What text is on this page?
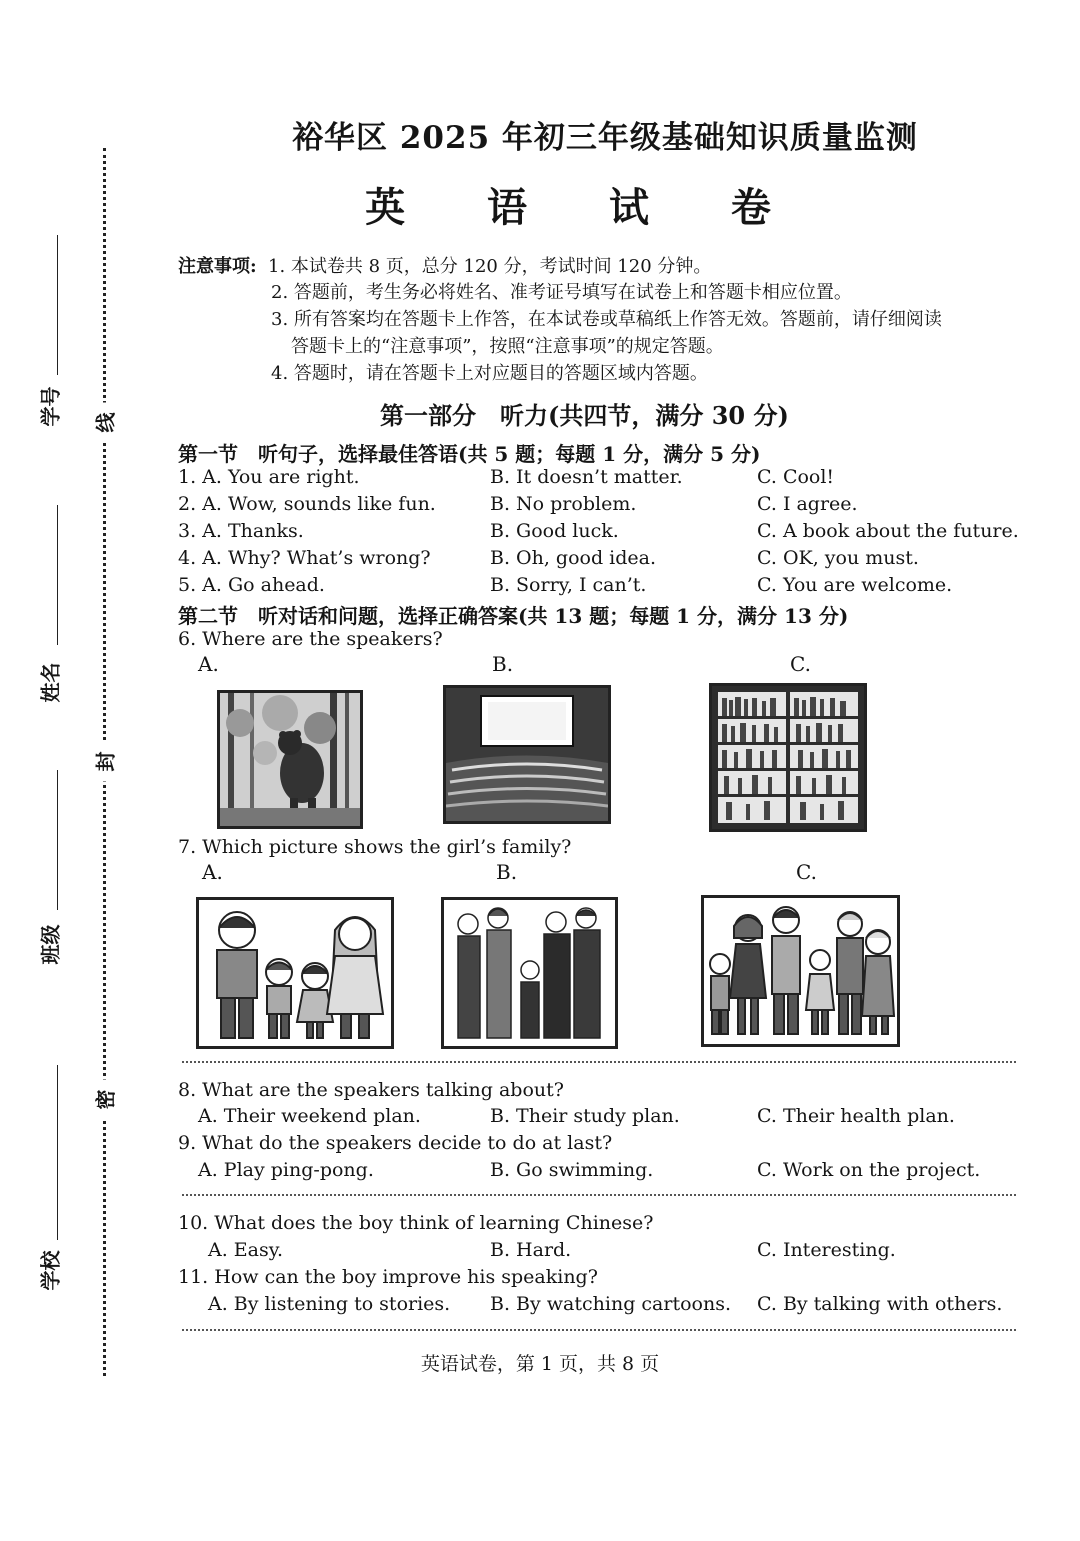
学号
姓名
班级
学校
线
封
密
裕华区 2025 年初三年级基础知识质量监测
英 语 试 卷
注意事项: 1. 本试卷共 8 页，总分 120 分，考试时间 120 分钟。
2. 答题前，考生务必将姓名、准考证号填写在试卷上和答题卡相应位置。
3. 所有答案均在答题卡上作答，在本试卷或草稿纸上作答无效。答题前，请仔细阅读
答题卡上的“注意事项”，按照“注意事项”的规定答题。
4. 答题时，请在答题卡上对应题目的答题区域内答题。
第一部分　听力(共四节，满分 30 分)
第一节　听句子，选择最佳答语(共 5 题；每题 1 分，满分 5 分)
1. A. You are right.	B. It doesn’t matter.	C. Cool!
2. A. Wow, sounds like fun.	B. No problem.	C. I agree.
3. A. Thanks.	B. Good luck.	C. A book about the future.
4. A. Why? What’s wrong?	B. Oh, good idea.	C. OK, you must.
5. A. Go ahead.	B. Sorry, I can’t.	C. You are welcome.
第二节　听对话和问题，选择正确答案(共 13 题；每题 1 分，满分 13 分)
6. Where are the speakers?
A.	B.	C.
7. Which picture shows the girl’s family?
A.	B.	C.
8. What are the speakers talking about?
A. Their weekend plan.	B. Their study plan.	C. Their health plan.
9. What do the speakers decide to do at last?
A. Play ping-pong.	B. Go swimming.	C. Work on the project.
10. What does the boy think of learning Chinese?
A. Easy.	B. Hard.	C. Interesting.
11. How can the boy improve his speaking?
A. By listening to stories. B. By watching cartoons. C. By talking with others.
英语试卷，第 1 页，共 8 页
